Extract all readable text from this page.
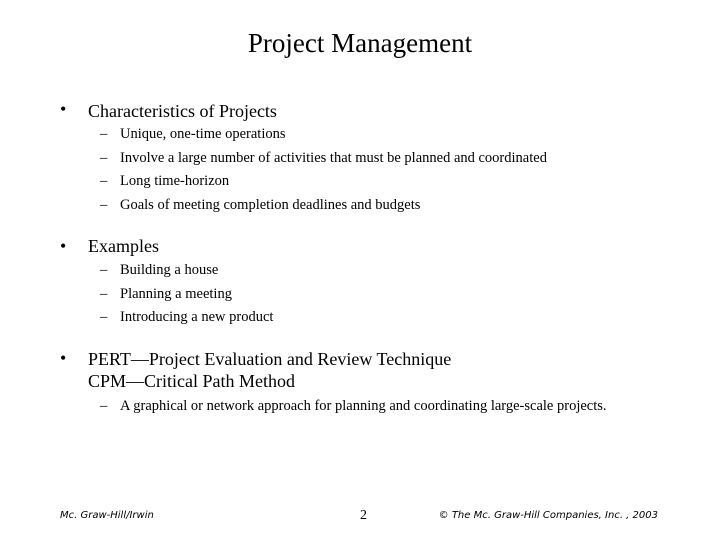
Project Management
• Characteristics of Projects
– Unique, one-time operations
– Involve a large number of activities that must be planned and coordinated
– Long time-horizon
– Goals of meeting completion deadlines and budgets
• Examples
– Building a house
– Planning a meeting
– Introducing a new product
• PERT—Project Evaluation and Review Technique
CPM—Critical Path Method
– A graphical or network approach for planning and coordinating large-scale projects.
Mc. Graw-Hill/Irwin	2	© The Mc. Graw-Hill Companies, Inc. , 2003
